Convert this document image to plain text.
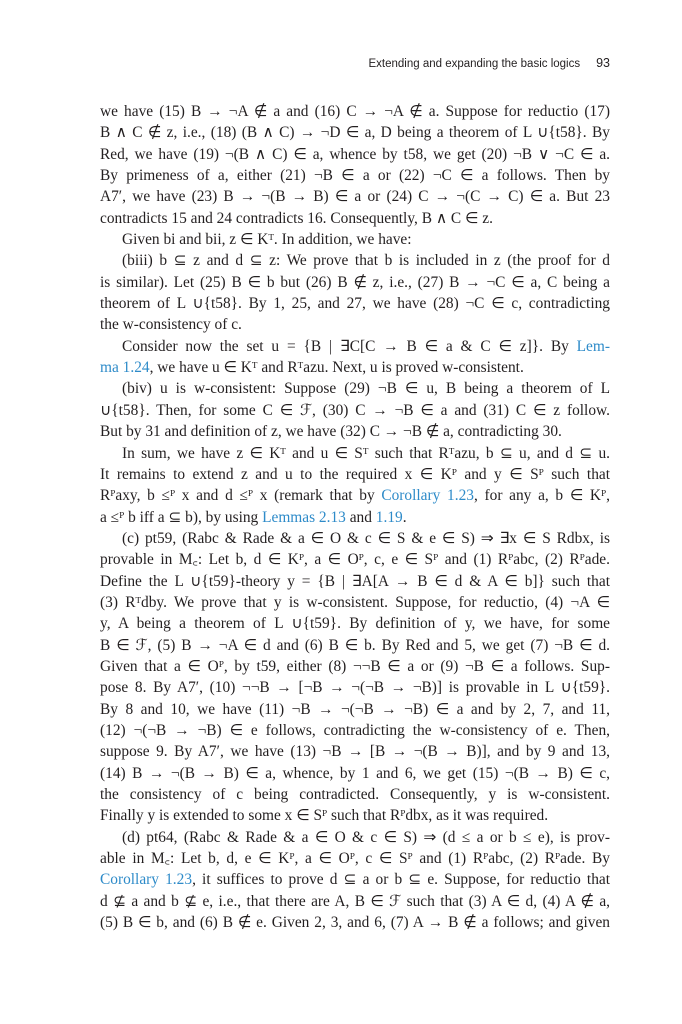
Extending and expanding the basic logics 93
we have (15) B → ¬A ∉ a and (16) C → ¬A ∉ a. Suppose for reductio (17)
B ∧ C ∉ z, i.e., (18) (B ∧ C) → ¬D ∈ a, D being a theorem of L ∪{t58}. By
Red, we have (19) ¬(B ∧ C) ∈ a, whence by t58, we get (20) ¬B ∨ ¬C ∈ a.
By primeness of a, either (21) ¬B ∈ a or (22) ¬C ∈ a follows. Then by
A7′, we have (23) B → ¬(B → B) ∈ a or (24) C → ¬(C → C) ∈ a. But 23
contradicts 15 and 24 contradicts 16. Consequently, B ∧ C ∈ z.
Given bi and bii, z ∈ Kᵀ. In addition, we have:
(biii) b ⊆ z and d ⊆ z: We prove that b is included in z (the proof for d
is similar). Let (25) B ∈ b but (26) B ∉ z, i.e., (27) B → ¬C ∈ a, C being a
theorem of L ∪{t58}. By 1, 25, and 27, we have (28) ¬C ∈ c, contradicting
the w-consistency of c.
Consider now the set u = {B | ∃C[C → B ∈ a & C ∈ z]}. By Lem-
ma 1.24, we have u ∈ Kᵀ and Rᵀazu. Next, u is proved w-consistent.
(biv) u is w-consistent: Suppose (29) ¬B ∈ u, B being a theorem of L
∪{t58}. Then, for some C ∈ ℱ, (30) C → ¬B ∈ a and (31) C ∈ z follow.
But by 31 and definition of z, we have (32) C → ¬B ∉ a, contradicting 30.
In sum, we have z ∈ Kᵀ and u ∈ Sᵀ such that Rᵀazu, b ⊆ u, and d ⊆ u.
It remains to extend z and u to the required x ∈ Kᴾ and y ∈ Sᴾ such that
Rᴾaxy, b ≤ᴾ x and d ≤ᴾ x (remark that by Corollary 1.23, for any a, b ∈ Kᴾ,
a ≤ᴾ b iff a ⊆ b), by using Lemmas 2.13 and 1.19.
(c) pt59, (Rabc & Rade & a ∈ O & c ∈ S & e ∈ S) ⇒ ∃x ∈ S Rdbx, is
provable in M꜀: Let b, d ∈ Kᴾ, a ∈ Oᴾ, c, e ∈ Sᴾ and (1) Rᴾabc, (2) Rᴾade.
Define the L ∪{t59}-theory y = {B | ∃A[A → B ∈ d & A ∈ b]} such that
(3) Rᵀdby. We prove that y is w-consistent. Suppose, for reductio, (4) ¬A ∈
y, A being a theorem of L ∪{t59}. By definition of y, we have, for some
B ∈ ℱ, (5) B → ¬A ∈ d and (6) B ∈ b. By Red and 5, we get (7) ¬B ∈ d.
Given that a ∈ Oᴾ, by t59, either (8) ¬¬B ∈ a or (9) ¬B ∈ a follows. Sup-
pose 8. By A7′, (10) ¬¬B → [¬B → ¬(¬B → ¬B)] is provable in L ∪{t59}.
By 8 and 10, we have (11) ¬B → ¬(¬B → ¬B) ∈ a and by 2, 7, and 11,
(12) ¬(¬B → ¬B) ∈ e follows, contradicting the w-consistency of e. Then,
suppose 9. By A7′, we have (13) ¬B → [B → ¬(B → B)], and by 9 and 13,
(14) B → ¬(B → B) ∈ a, whence, by 1 and 6, we get (15) ¬(B → B) ∈ c,
the consistency of c being contradicted. Consequently, y is w-consistent.
Finally y is extended to some x ∈ Sᴾ such that Rᴾdbx, as it was required.
(d) pt64, (Rabc & Rade & a ∈ O & c ∈ S) ⇒ (d ≤ a or b ≤ e), is prov-
able in M꜀: Let b, d, e ∈ Kᴾ, a ∈ Oᴾ, c ∈ Sᴾ and (1) Rᴾabc, (2) Rᴾade. By
Corollary 1.23, it suffices to prove d ⊆ a or b ⊆ e. Suppose, for reductio that
d ⊈ a and b ⊈ e, i.e., that there are A, B ∈ ℱ such that (3) A ∈ d, (4) A ∉ a,
(5) B ∈ b, and (6) B ∉ e. Given 2, 3, and 6, (7) A → B ∉ a follows; and given
